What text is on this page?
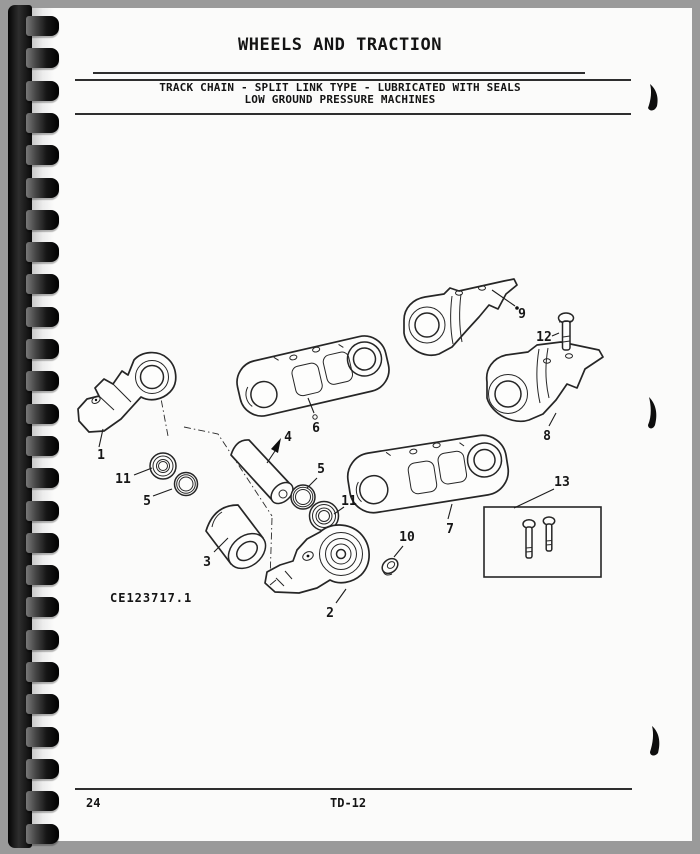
WHEELS AND TRACTION
TRACK CHAIN - SPLIT LINK TYPE - LUBRICATED WITH SEALS
LOW GROUND PRESSURE MACHINES
1
11
5
6
9
12
8
4
5
11
3
7
13
10
2
CE123717.1
24	TD-12
